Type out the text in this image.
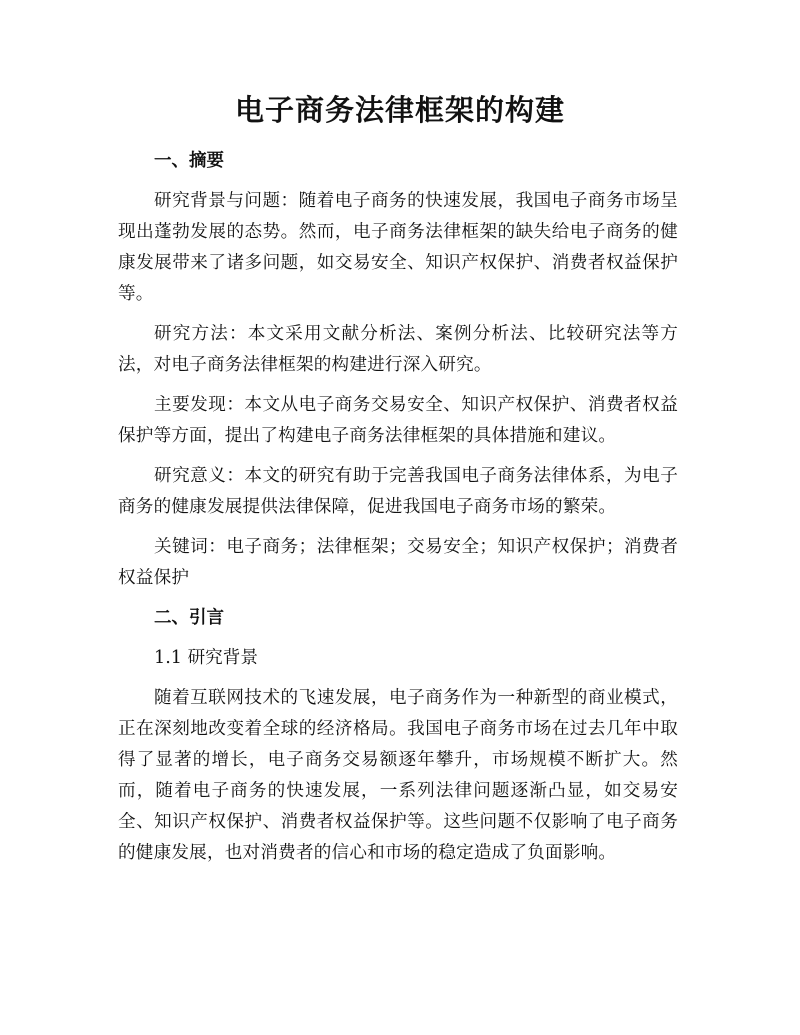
电子商务法律框架的构建

一、摘要

研究背景与问题：随着电子商务的快速发展，我国电子商务市场呈现出蓬勃发展的态势。然而，电子商务法律框架的缺失给电子商务的健康发展带来了诸多问题，如交易安全、知识产权保护、消费者权益保护等。

研究方法：本文采用文献分析法、案例分析法、比较研究法等方法，对电子商务法律框架的构建进行深入研究。

主要发现：本文从电子商务交易安全、知识产权保护、消费者权益保护等方面，提出了构建电子商务法律框架的具体措施和建议。

研究意义：本文的研究有助于完善我国电子商务法律体系，为电子商务的健康发展提供法律保障，促进我国电子商务市场的繁荣。

关键词：电子商务；法律框架；交易安全；知识产权保护；消费者权益保护

二、引言

1.1 研究背景

随着互联网技术的飞速发展，电子商务作为一种新型的商业模式，正在深刻地改变着全球的经济格局。我国电子商务市场在过去几年中取得了显著的增长，电子商务交易额逐年攀升，市场规模不断扩大。然而，随着电子商务的快速发展，一系列法律问题逐渐凸显，如交易安全、知识产权保护、消费者权益保护等。这些问题不仅影响了电子商务的健康发展，也对消费者的信心和市场的稳定造成了负面影响。
